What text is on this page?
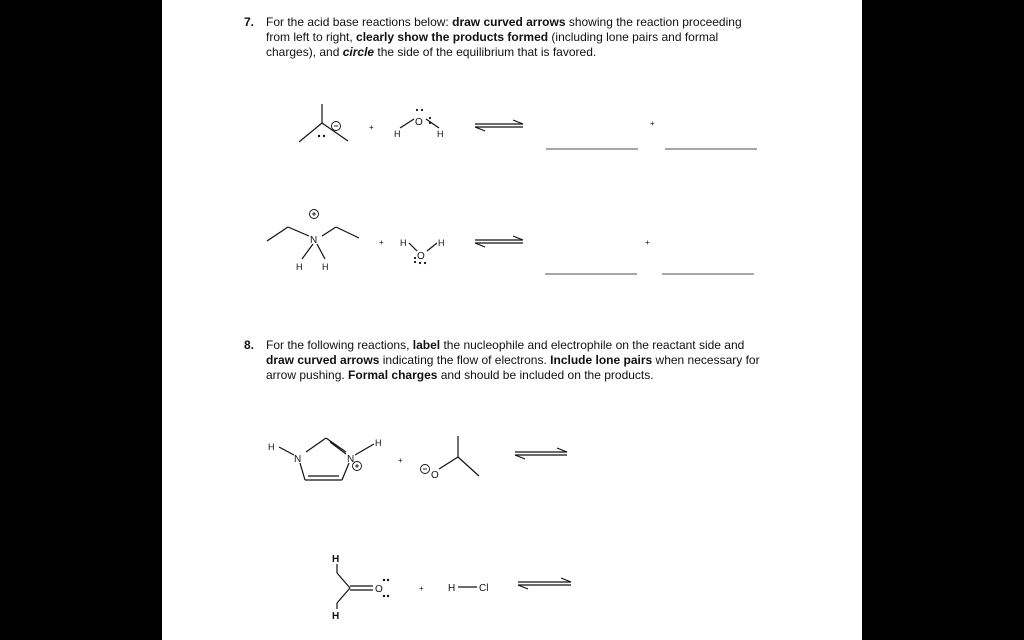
7. For the acid base reactions below: draw curved arrows showing the reaction proceeding from left to right, clearly show the products formed (including lone pairs and formal charges), and circle the side of the equilibrium that is favored.

8. For the following reactions, label the nucleophile and electrophile on the reactant side and draw curved arrows indicating the flow of electrons. Include lone pairs when necessary for arrow pushing. Formal charges and should be included on the products.

+
H
O
H
+
N
H H
+ H
O
H	+
H
N	N
H
+
O
H
H
O	+ H Cl
